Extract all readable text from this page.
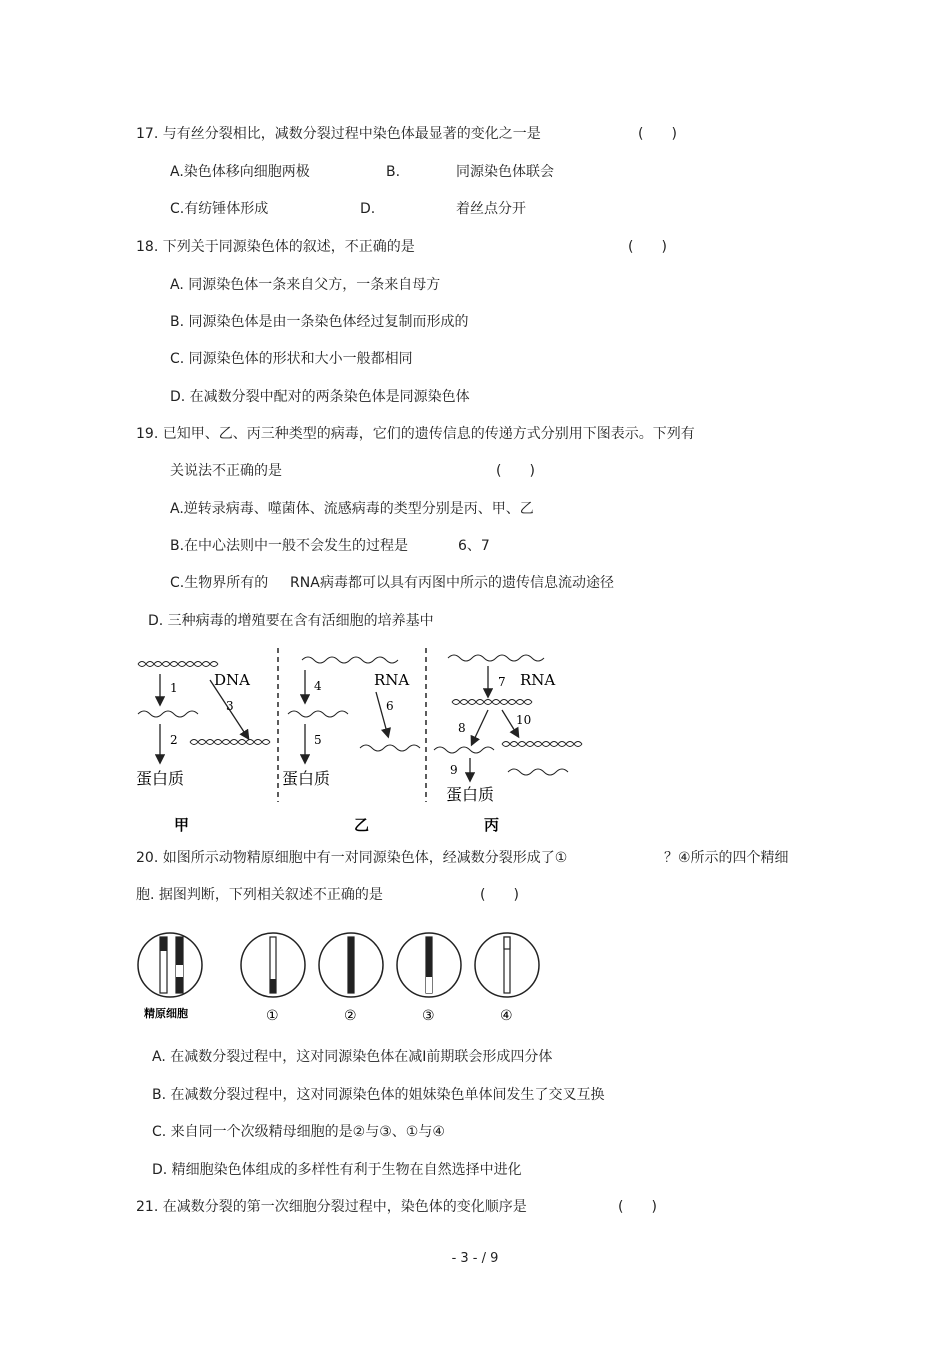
17. 与有丝分裂相比，减数分裂过程中染色体最显著的变化之一是	(　　)
A.染色体移向细胞两极	B.	同源染色体联会
C.有纺锤体形成	D.	着丝点分开
18. 下列关于同源染色体的叙述，不正确的是	(　　)
A. 同源染色体一条来自父方，一条来自母方
B. 同源染色体是由一条染色体经过复制而形成的
C. 同源染色体的形状和大小一般都相同
D. 在减数分裂中配对的两条染色体是同源染色体
19. 已知甲、乙、丙三种类型的病毒，它们的遗传信息的传递方式分别用下图表示。下列有
关说法不正确的是	(　　)
A.逆转录病毒、噬菌体、流感病毒的类型分别是丙、甲、乙
B.在中心法则中一般不会发生的过程是	6、7
C.生物界所有的 RNA 病毒都可以具有丙图中所示的遗传信息流动途径
D. 三种病毒的增殖要在含有活细胞的培养基中
1 DNA
3
2
蛋白质
4	RNA
6
5
蛋白质
7 RNA
8
10
9
蛋白质
甲	乙	丙
20. 如图所示动物精原细胞中有一对同源染色体，经减数分裂形成了①	？④所示的四个精细
胞. 据图判断，下列相关叙述不正确的是	(　　)
精原细胞	①	②	③	④
A. 在减数分裂过程中，这对同源染色体在减Ⅰ前期联会形成四分体
B. 在减数分裂过程中，这对同源染色体的姐妹染色单体间发生了交叉互换
C. 来自同一个次级精母细胞的是②与③、①与④
D. 精细胞染色体组成的多样性有利于生物在自然选择中进化
21. 在减数分裂的第一次细胞分裂过程中，染色体的变化顺序是	(　　)
- 3 - / 9
